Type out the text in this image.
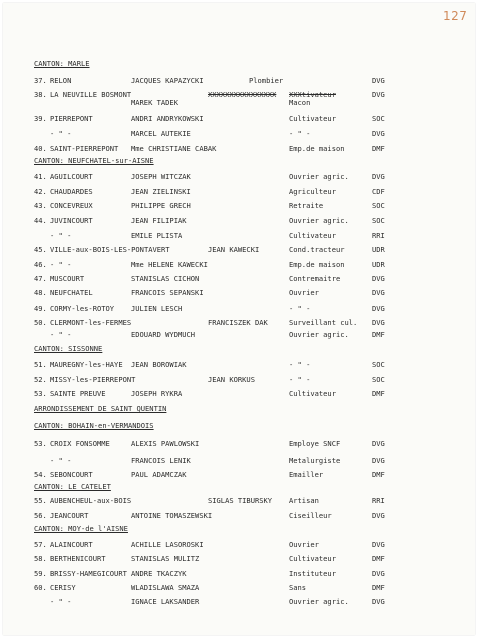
127
CANTON: MARLE
37. RELON	JACQUES KAPAZYCKI	Plombier	DVG
38. LA NEUVILLE BOSMONT	XXXXXXXXXXXXXXXX XXXtivateur	DVG
MAREK TADEK	Macon
39. PIERREPONT	ANDRI ANDRYKOWSKI	Cultivateur	SOC
- " -	MARCEL AUTEKIE	- " -	DVG
40. SAINT-PIERREPONT Mme CHRISTIANE CABAK	Emp.de maison	DMF
CANTON: NEUFCHATEL-sur-AISNE
41. AGUILCOURT	JOSEPH WITCZAK	Ouvrier agric.	DVG
42. CHAUDARDES	JEAN ZIELINSKI	Agriculteur	CDF
43. CONCEVREUX	PHILIPPE GRECH	Retraite	SOC
44. JUVINCOURT	JEAN FILIPIAK	Ouvrier agric.	SOC
- " -	EMILE PLISTA	Cultivateur	RRI
45. VILLE-aux-BOIS-LES-PONTAVERT	JEAN KAWECKI	Cond.tracteur	UDR
46. - " -	Mme HELENE KAWECKI	Emp.de maison	UDR
47. MUSCOURT	STANISLAS CICHON	Contremaitre	DVG
48. NEUFCHATEL	FRANCOIS SEPANSKI	Ouvrier	DVG
49. CORMY-les-ROTOY JULIEN LESCH	- " -	DVG
50. CLERMONT-les-FERMES	FRANCISZEK DAK	Surveillant cul. DVG
- " -	EDOUARD WYDMUCH	Ouvrier agric.	DMF
CANTON: SISSONNE
51. MAUREGNY-les-HAYE JEAN BOROWIAK	- " -	SOC
52. MISSY-les-PIERREPONT	JEAN KORKUS	- " -	SOC
53. SAINTE PREUVE	JOSEPH RYKRA	Cultivateur	DMF
ARRONDISSEMENT DE SAINT QUENTIN
CANTON: BOHAIN-en-VERMANDOIS
53. CROIX FONSOMME	ALEXIS PAWLOWSKI	Employe SNCF	DVG
- " -	FRANCOIS LENIK	Metalurgiste	DVG
54. SEBONCOURT	PAUL ADAMCZAK	Emailler	DMF
CANTON: LE CATELET
55. AUBENCHEUL-aux-BOIS	SIGLAS TIBURSKY Artisan	RRI
56. JEANCOURT	ANTOINE TOMASZEWSKI	Ciseilleur	DVG
CANTON: MOY-de l'AISNE
57. ALAINCOURT	ACHILLE LASOROSKI	Ouvrier	DVG
58. BERTHENICOURT	STANISLAS MULITZ	Cultivateur	DMF
59. BRISSY-HAMEGICOURT ANDRE TKACZYK	Instituteur	DVG
60. CERISY	WLADISLAWA SMAZA	Sans	DMF
- " -	IGNACE LAKSANDER	Ouvrier agric.	DVG
